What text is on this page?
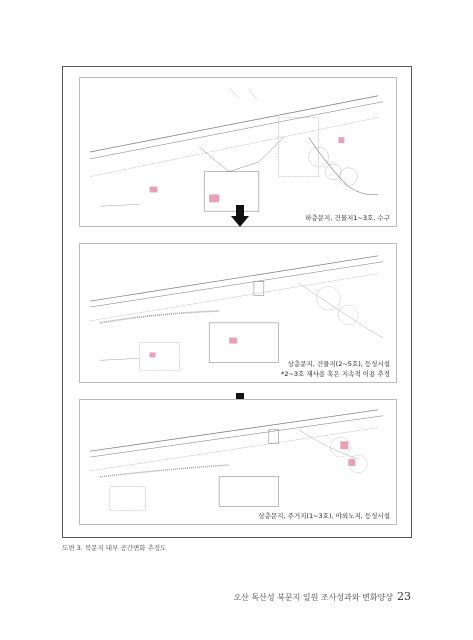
하층문지, 건물지1~3호, 수구
상층문지, 건물지(2~5호), 등성시설
*2~3호 재사용 혹은 지속적 이용 추정
상층문지, 주거지(1~3호), 야외노지, 등성시설
도면 3. 북문지 내부 공간변화 추정도
오산 독산성 북문지 일원 조사성과와 변화양상 23
